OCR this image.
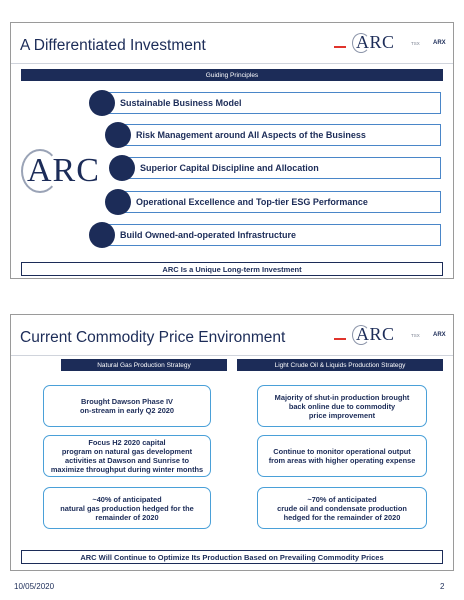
A Differentiated Investment	ARC	TSX ARX
Guiding Principles
ARC
Sustainable Business Model
Risk Management around All Aspects of the Business
Superior Capital Discipline and Allocation
Operational Excellence and Top-tier ESG Performance
Build Owned-and-operated Infrastructure
ARC Is a Unique Long-term Investment
Current Commodity Price Environment	ARC	TSX ARX
Natural Gas Production Strategy	Light Crude Oil & Liquids Production Strategy
Brought Dawson Phase IV
on-stream in early Q2 2020
Focus H2 2020 capital
program on natural gas development
activities at Dawson and Sunrise to
maximize throughput during winter months
~40% of anticipated
natural gas production hedged for the
remainder of 2020
Majority of shut-in production brought
back online due to commodity
price improvement
Continue to monitor operational output
from areas with higher operating expense
~70% of anticipated
crude oil and condensate production
hedged for the remainder of 2020
ARC Will Continue to Optimize Its Production Based on Prevailing Commodity Prices
10/05/2020	2
